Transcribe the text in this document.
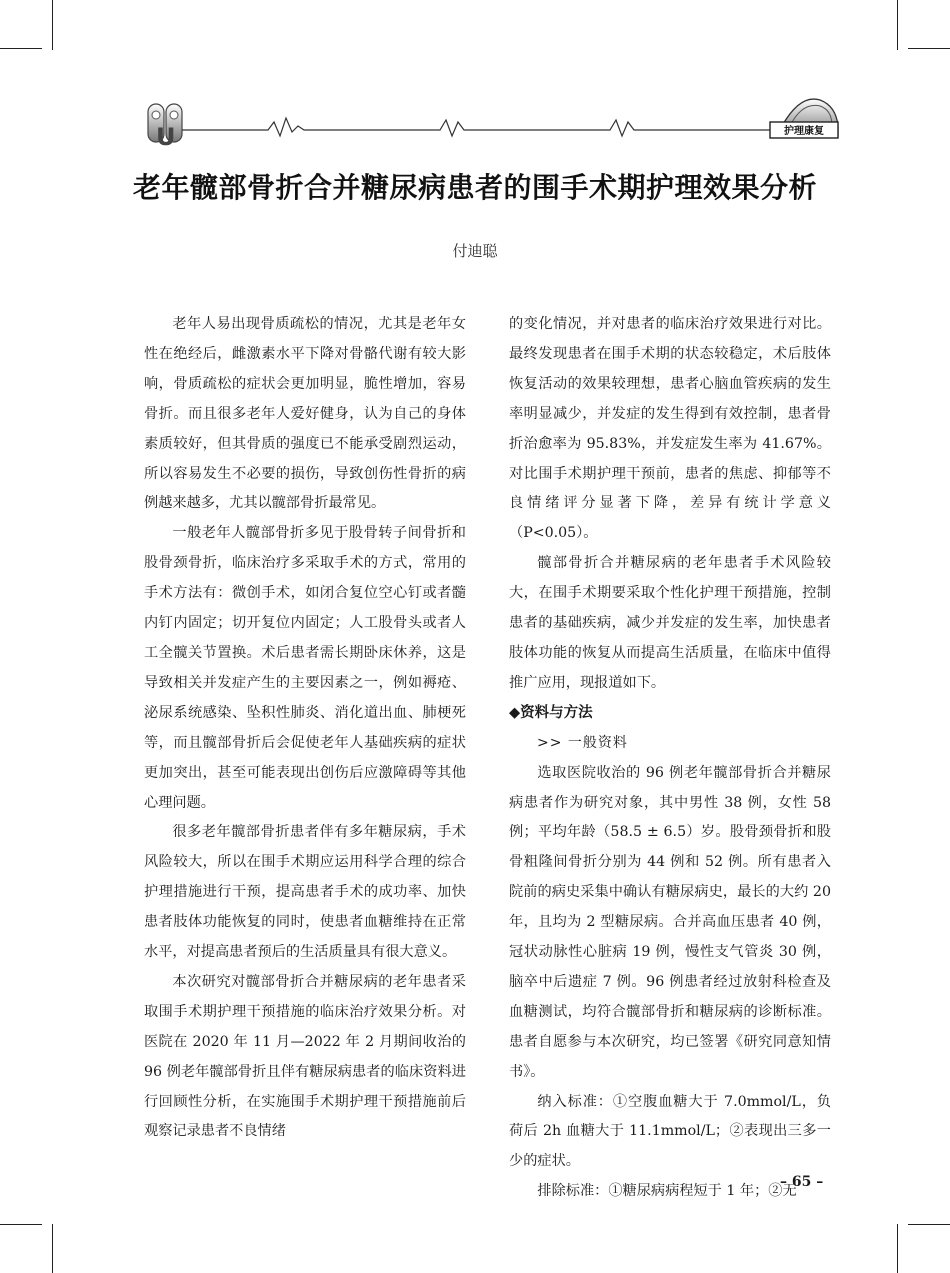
U	护理康复
老年髋部骨折合并糖尿病患者的围手术期护理效果分析
付迪聪

老年人易出现骨质疏松的情况，尤其是老年女性在绝经后，雌激素水平下降对骨骼代谢有较大影响，骨质疏松的症状会更加明显，脆性增加，容易骨折。而且很多老年人爱好健身，认为自己的身体素质较好，但其骨质的强度已不能承受剧烈运动，所以容易发生不必要的损伤，导致创伤性骨折的病例越来越多，尤其以髋部骨折最常见。

一般老年人髋部骨折多见于股骨转子间骨折和股骨颈骨折，临床治疗多采取手术的方式，常用的手术方法有：微创手术，如闭合复位空心钉或者髓内钉内固定；切开复位内固定；人工股骨头或者人工全髋关节置换。术后患者需长期卧床休养，这是导致相关并发症产生的主要因素之一，例如褥疮、泌尿系统感染、坠积性肺炎、消化道出血、肺梗死等，而且髋部骨折后会促使老年人基础疾病的症状更加突出，甚至可能表现出创伤后应激障碍等其他心理问题。

很多老年髋部骨折患者伴有多年糖尿病，手术风险较大，所以在围手术期应运用科学合理的综合护理措施进行干预，提高患者手术的成功率、加快患者肢体功能恢复的同时，使患者血糖维持在正常水平，对提高患者预后的生活质量具有很大意义。

本次研究对髋部骨折合并糖尿病的老年患者采取围手术期护理干预措施的临床治疗效果分析。对医院在 2020 年 11 月—2022 年 2 月期间收治的 96 例老年髋部骨折且伴有糖尿病患者的临床资料进行回顾性分析，在实施围手术期护理干预措施前后观察记录患者不良情绪

的变化情况，并对患者的临床治疗效果进行对比。最终发现患者在围手术期的状态较稳定，术后肢体恢复活动的效果较理想，患者心脑血管疾病的发生率明显减少，并发症的发生得到有效控制，患者骨折治愈率为 95.83%，并发症发生率为 41.67%。对比围手术期护理干预前，患者的焦虑、抑郁等不良情绪评分显著下降，差异有统计学意义（P<0.05）。

髋部骨折合并糖尿病的老年患者手术风险较大，在围手术期要采取个性化护理干预措施，控制患者的基础疾病，减少并发症的发生率，加快患者肢体功能的恢复从而提高生活质量，在临床中值得推广应用，现报道如下。

◆资料与方法
>> 一般资料

选取医院收治的 96 例老年髋部骨折合并糖尿病患者作为研究对象，其中男性 38 例，女性 58 例；平均年龄（58.5 ± 6.5）岁。股骨颈骨折和股骨粗隆间骨折分别为 44 例和 52 例。所有患者入院前的病史采集中确认有糖尿病史，最长的大约 20 年，且均为 2 型糖尿病。合并高血压患者 40 例，冠状动脉性心脏病 19 例，慢性支气管炎 30 例，脑卒中后遗症 7 例。96 例患者经过放射科检查及血糖测试，均符合髋部骨折和糖尿病的诊断标准。患者自愿参与本次研究，均已签署《研究同意知情书》。

纳入标准：①空腹血糖大于 7.0mmol/L，负荷后 2h 血糖大于 11.1mmol/L；②表现出三多一少的症状。

排除标准：①糖尿病病程短于 1 年；②无

– 65 –
